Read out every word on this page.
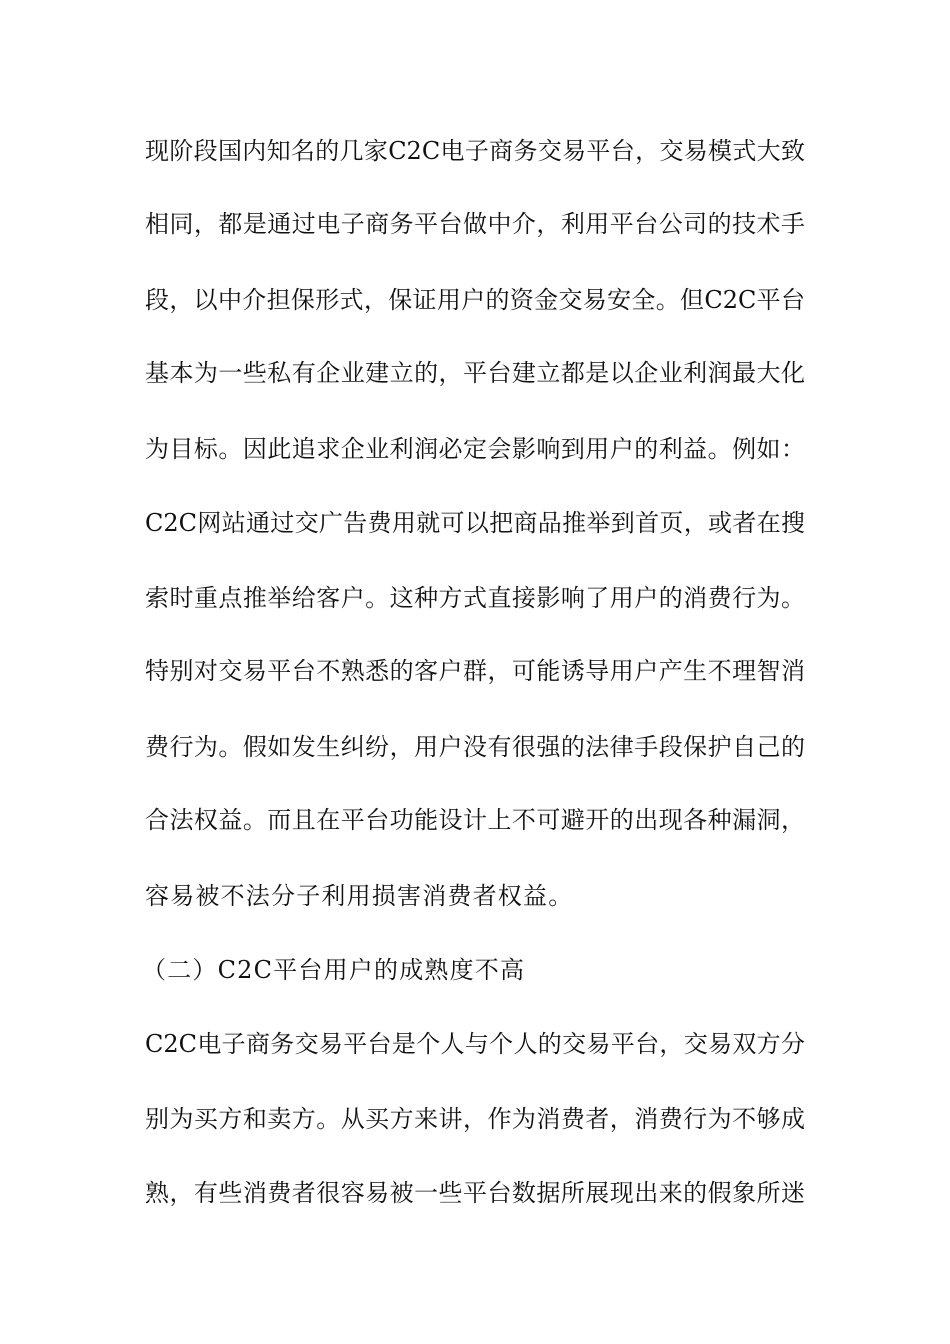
现阶段国内知名的几家C2C电子商务交易平台，交易模式大致
相同，都是通过电子商务平台做中介，利用平台公司的技术手
段，以中介担保形式，保证用户的资金交易安全。但C2C平台
基本为一些私有企业建立的，平台建立都是以企业利润最大化
为目标。因此追求企业利润必定会影响到用户的利益。例如：
C2C网站通过交广告费用就可以把商品推举到首页，或者在搜
索时重点推举给客户。这种方式直接影响了用户的消费行为。
特别对交易平台不熟悉的客户群，可能诱导用户产生不理智消
费行为。假如发生纠纷，用户没有很强的法律手段保护自己的
合法权益。而且在平台功能设计上不可避开的出现各种漏洞，
容易被不法分子利用损害消费者权益。
（二）C2C平台用户的成熟度不高
C2C电子商务交易平台是个人与个人的交易平台，交易双方分
别为买方和卖方。从买方来讲，作为消费者，消费行为不够成
熟，有些消费者很容易被一些平台数据所展现出来的假象所迷
